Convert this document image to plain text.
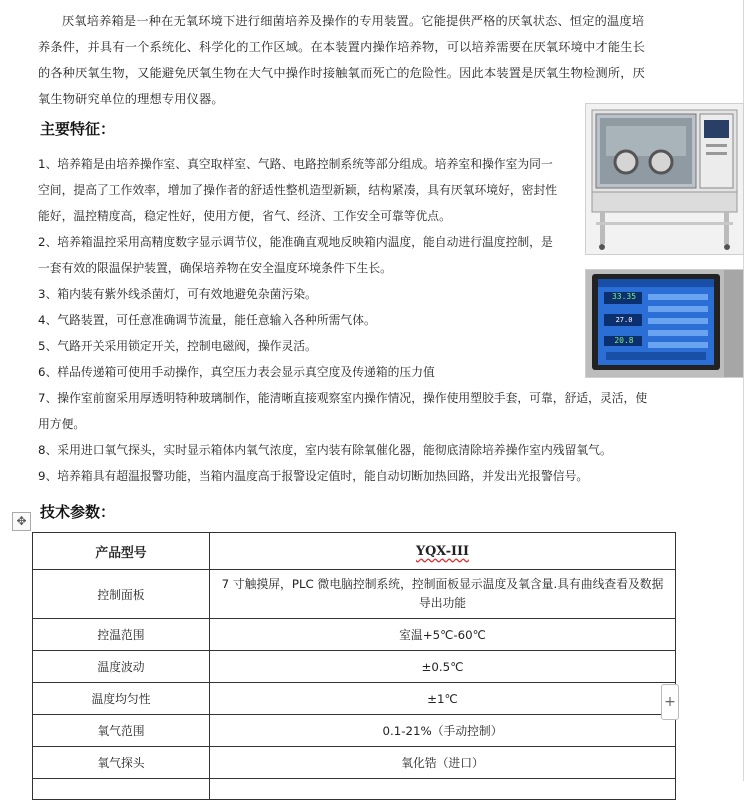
厌氧培养箱是一种在无氧环境下进行细菌培养及操作的专用装置。它能提供严格的厌氧状态、恒定的温度培养条件，并具有一个系统化、科学化的工作区域。在本装置内操作培养物，可以培养需要在厌氧环境中才能生长的各种厌氧生物，又能避免厌氧生物在大气中操作时接触氧而死亡的危险性。因此本装置是厌氧生物检测所，厌氧生物研究单位的理想专用仪器。
主要特征：
1、培养箱是由培养操作室、真空取样室、气路、电路控制系统等部分组成。培养室和操作室为同一空间，提高了工作效率，增加了操作者的舒适性整机造型新颖，结构紧凑，具有厌氧环境好，密封性能好，温控精度高，稳定性好，使用方便，省气、经济、工作安全可靠等优点。
2、培养箱温控采用高精度数字显示调节仪，能准确直观地反映箱内温度，能自动进行温度控制，是一套有效的限温保护装置，确保培养物在安全温度环境条件下生长。
3、箱内装有紫外线杀菌灯，可有效地避免杂菌污染。
4、气路装置，可任意准确调节流量，能任意输入各种所需气体。
5、气路开关采用锁定开关，控制电磁阀，操作灵活。
6、样品传递箱可使用手动操作，真空压力表会显示真空度及传递箱的压力值
7、操作室前窗采用厚透明特种玻璃制作，能清晰直接观察室内操作情况，操作使用塑胶手套，可靠，舒适，灵活，使用方便。
8、采用进口氧气探头，实时显示箱体内氧气浓度，室内装有除氧催化器，能彻底清除培养操作室内残留氧气。
9、培养箱具有超温报警功能，当箱内温度高于报警设定值时，能自动切断加热回路，并发出光报警信号。
33.35
27.0
20.8
技术参数：
✥
产品型号	YQX-III
控制面板	7 寸触摸屏，PLC 微电脑控制系统，控制面板显示温度及氧含量.具有曲线查看及数据导出功能
控温范围	室温+5℃-60℃
温度波动	±0.5℃
温度均匀性	±1℃
氧气范围	0.1-21%（手动控制）
氧气探头	氧化锆（进口）

+
